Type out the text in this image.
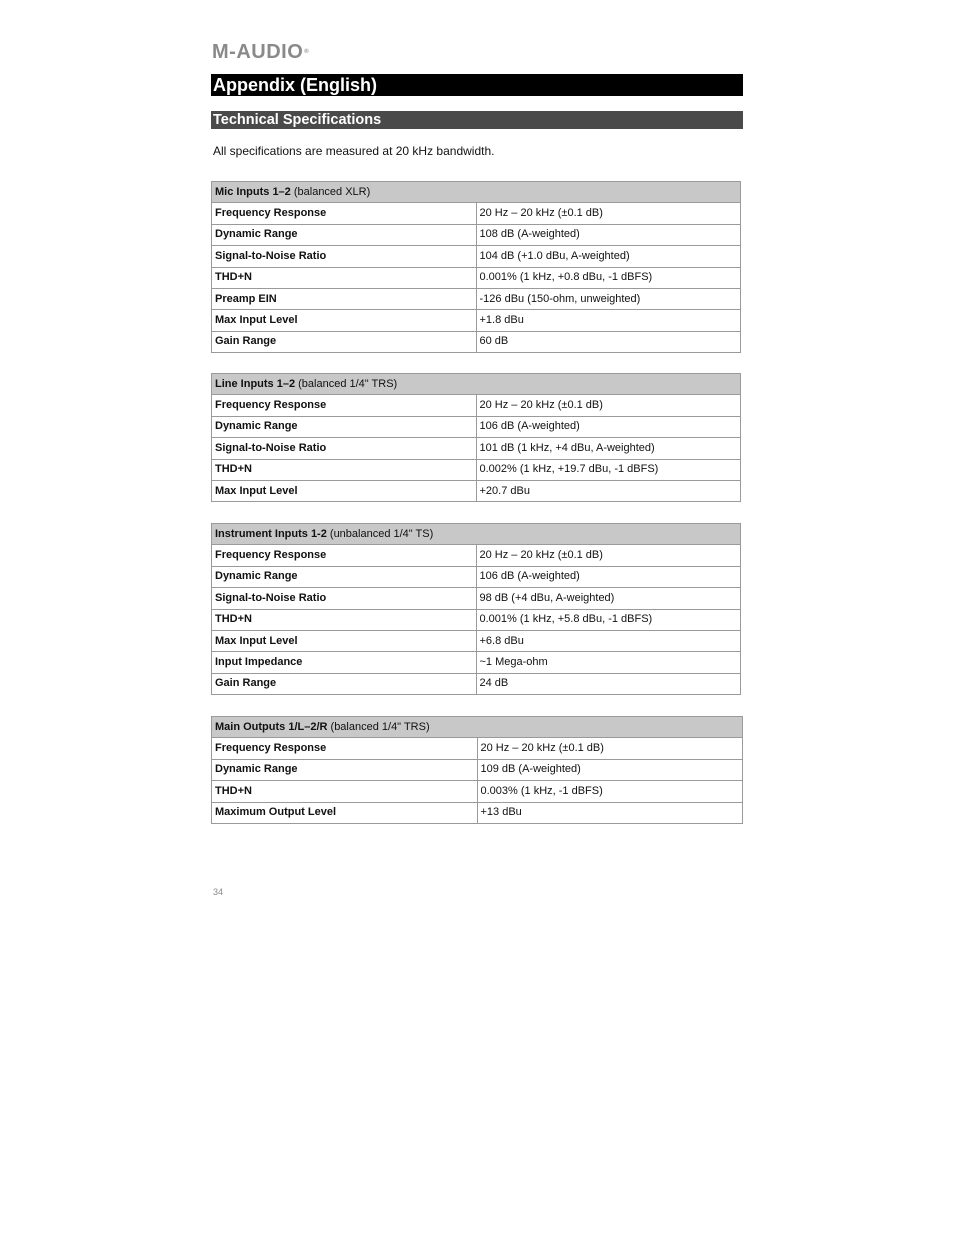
M-AUDIO®
Appendix (English)
Technical Specifications
All specifications are measured at 20 kHz bandwidth.
Mic Inputs 1–2 (balanced XLR)	
Frequency Response	20 Hz – 20 kHz (±0.1 dB)
Dynamic Range	108 dB (A-weighted)
Signal-to-Noise Ratio	104 dB (+1.0 dBu, A-weighted)
THD+N	0.001% (1 kHz, +0.8 dBu, -1 dBFS)
Preamp EIN	-126 dBu (150-ohm, unweighted)
Max Input Level	+1.8 dBu
Gain Range	60 dB
Line Inputs 1–2 (balanced 1/4" TRS)	
Frequency Response	20 Hz – 20 kHz (±0.1 dB)
Dynamic Range	106 dB (A-weighted)
Signal-to-Noise Ratio	101 dB (1 kHz, +4 dBu, A-weighted)
THD+N	0.002% (1 kHz, +19.7 dBu, -1 dBFS)
Max Input Level	+20.7 dBu
Instrument Inputs 1-2 (unbalanced 1/4" TS)	
Frequency Response	20 Hz – 20 kHz (±0.1 dB)
Dynamic Range	106 dB (A-weighted)
Signal-to-Noise Ratio	98 dB (+4 dBu, A-weighted)
THD+N	0.001% (1 kHz, +5.8 dBu, -1 dBFS)
Max Input Level	+6.8 dBu
Input Impedance	~1 Mega-ohm
Gain Range	24 dB
Main Outputs 1/L–2/R (balanced 1/4" TRS)	
Frequency Response	20 Hz – 20 kHz (±0.1 dB)
Dynamic Range	109 dB (A-weighted)
THD+N	0.003% (1 kHz, -1 dBFS)
Maximum Output Level	+13 dBu
34
